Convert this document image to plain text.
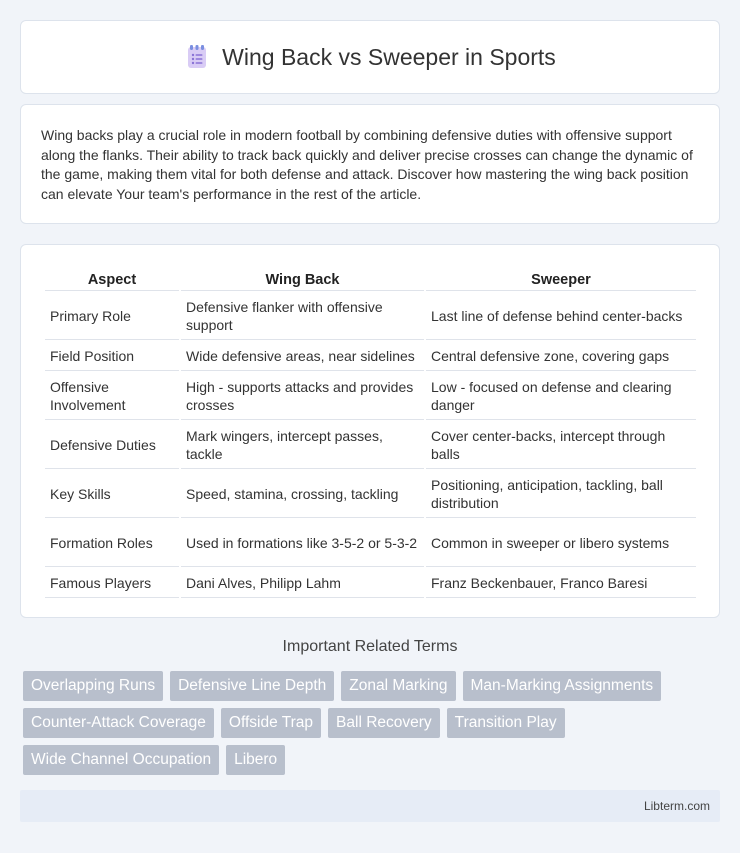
Wing Back vs Sweeper in Sports

Wing backs play a crucial role in modern football by combining defensive duties with offensive support along the flanks. Their ability to track back quickly and deliver precise crosses can change the dynamic of the game, making them vital for both defense and attack. Discover how mastering the wing back position can elevate Your team's performance in the rest of the article.

Aspect	Wing Back	Sweeper
Primary Role	Defensive flanker with offensive support	Last line of defense behind center-backs
Field Position	Wide defensive areas, near sidelines	Central defensive zone, covering gaps
Offensive Involvement	High - supports attacks and provides crosses	Low - focused on defense and clearing danger
Defensive Duties	Mark wingers, intercept passes, tackle	Cover center-backs, intercept through balls
Key Skills	Speed, stamina, crossing, tackling	Positioning, anticipation, tackling, ball distribution
Formation Roles	Used in formations like 3-5-2 or 5-3-2	Common in sweeper or libero systems
Famous Players	Dani Alves, Philipp Lahm	Franz Beckenbauer, Franco Baresi
Important Related Terms
Overlapping Runs	Defensive Line Depth	Zonal Marking	Man-Marking Assignments
Counter-Attack Coverage	Offside Trap	Ball Recovery	Transition Play
Wide Channel Occupation	Libero
Libterm.com
